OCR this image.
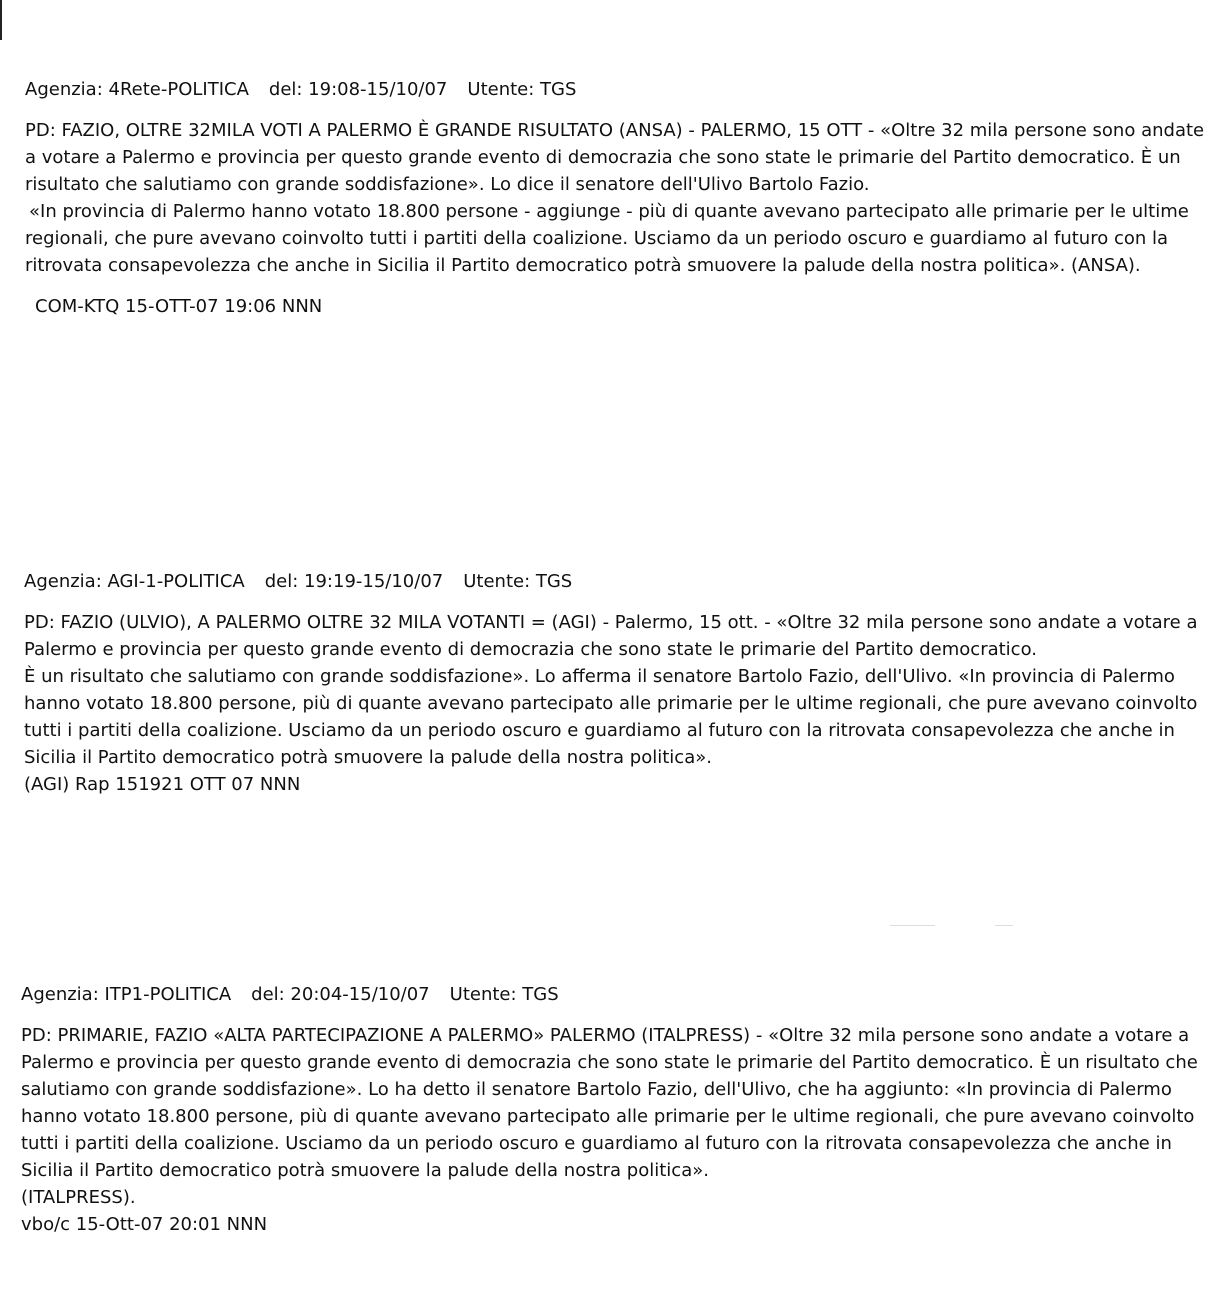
Agenzia: 4Rete-POLITICA del: 19:08-15/10/07 Utente: TGS

PD: FAZIO, OLTRE 32MILA VOTI A PALERMO È GRANDE RISULTATO (ANSA) - PALERMO, 15 OTT - «Oltre 32 mila persone sono andate a votare a Palermo e provincia per questo grande evento di democrazia che sono state le primarie del Partito democratico. È un risultato che salutiamo con grande soddisfazione». Lo dice il senatore dell'Ulivo Bartolo Fazio.

«In provincia di Palermo hanno votato 18.800 persone - aggiunge - più di quante avevano partecipato alle primarie per le ultime regionali, che pure avevano coinvolto tutti i partiti della coalizione. Usciamo da un periodo oscuro e guardiamo al futuro con la ritrovata consapevolezza che anche in Sicilia il Partito democratico potrà smuovere la palude della nostra politica». (ANSA).

COM-KTQ 15-OTT-07 19:06 NNN
Agenzia: AGI-1-POLITICA del: 19:19-15/10/07 Utente: TGS

PD: FAZIO (ULVIO), A PALERMO OLTRE 32 MILA VOTANTI = (AGI) - Palermo, 15 ott. - «Oltre 32 mila persone sono andate a votare a Palermo e provincia per questo grande evento di democrazia che sono state le primarie del Partito democratico.

È un risultato che salutiamo con grande soddisfazione». Lo afferma il senatore Bartolo Fazio, dell'Ulivo. «In provincia di Palermo hanno votato 18.800 persone, più di quante avevano partecipato alle primarie per le ultime regionali, che pure avevano coinvolto tutti i partiti della coalizione. Usciamo da un periodo oscuro e guardiamo al futuro con la ritrovata consapevolezza che anche in Sicilia il Partito democratico potrà smuovere la palude della nostra politica».

(AGI) Rap 151921 OTT 07 NNN
Agenzia: ITP1-POLITICA del: 20:04-15/10/07 Utente: TGS

PD: PRIMARIE, FAZIO «ALTA PARTECIPAZIONE A PALERMO» PALERMO (ITALPRESS) - «Oltre 32 mila persone sono andate a votare a Palermo e provincia per questo grande evento di democrazia che sono state le primarie del Partito democratico. È un risultato che salutiamo con grande soddisfazione». Lo ha detto il senatore Bartolo Fazio, dell'Ulivo, che ha aggiunto: «In provincia di Palermo hanno votato 18.800 persone, più di quante avevano partecipato alle primarie per le ultime regionali, che pure avevano coinvolto tutti i partiti della coalizione. Usciamo da un periodo oscuro e guardiamo al futuro con la ritrovata consapevolezza che anche in Sicilia il Partito democratico potrà smuovere la palude della nostra politica».

(ITALPRESS).

vbo/c 15-Ott-07 20:01 NNN
